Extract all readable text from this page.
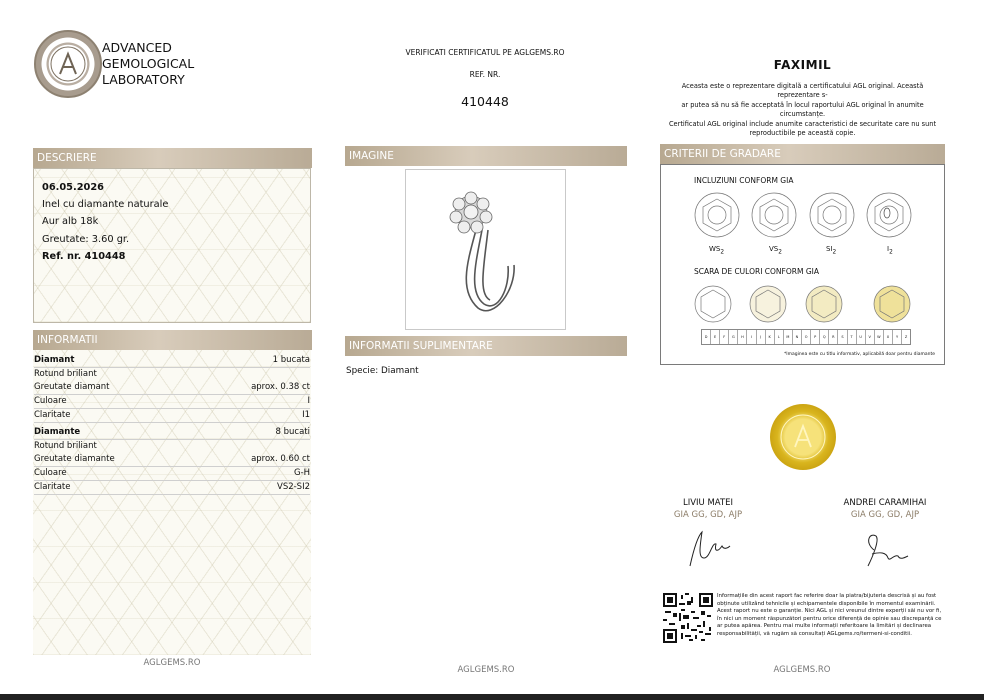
ADVANCED
GEMOLOGICAL
LABORATORY
VERIFICATI CERTIFICATUL PE AGLGEMS.RO
REF. NR.
410448
FAXIMIL
Aceasta este o reprezentare digitală a certificatului AGL original. Această reprezentare s-
ar putea să nu să fie acceptată în locul raportului AGL original în anumite circumstanțe.
Certificatul AGL original include anumite caracteristici de securitate care nu sunt
reproductibile pe această copie.
DESCRIERE
06.05.2026
Inel cu diamante naturale
Aur alb 18k
Greutate: 3.60 gr.
Ref. nr. 410448
INFORMATII
Diamant	1 bucata
Rotund briliant
Greutate diamant	aprox. 0.38 ct
Culoare	I
Claritate	I1
Diamante	8 bucati
Rotund briliant
Greutate diamante	aprox. 0.60 ct
Culoare	G-H
Claritate	VS2-SI2
IMAGINE
INFORMATII SUPLIMENTARE
Specie: Diamant
CRITERII DE GRADARE
INCLUZIUNI CONFORM GIA
$WS_2$	$VS_2$	$SI_2$	$I_2$
SCARA DE CULORI CONFORM GIA
D	E	F	G	H	I	J	K	L	M	N	O	P	Q	R	S	T	U	V	W	X	Y	Z
*Imaginea este cu titlu informativ, aplicabilă doar pentru diamante
LIVIU MATEI
GIA GG, GD, AJP
ANDREI CARAMIHAI
GIA GG, GD, AJP
Informațiile din acest raport fac referire doar la piatra/bijuteria descrisă și au fost obținute utilizând tehnicile și echipamentele disponibile în momentul examinării. Acest raport nu este o garanție. Nici AGL și nici vreunul dintre experții săi nu vor fi, în nici un moment răspunzători pentru orice diferență de opinie sau discrepanță ce ar putea apărea. Pentru mai multe informații referitoare la limitări și declinarea responsabilității, vă rugăm să consultați AGLgems.ro/termeni-si-conditii.
AGLGEMS.RO
AGLGEMS.RO	AGLGEMS.RO
